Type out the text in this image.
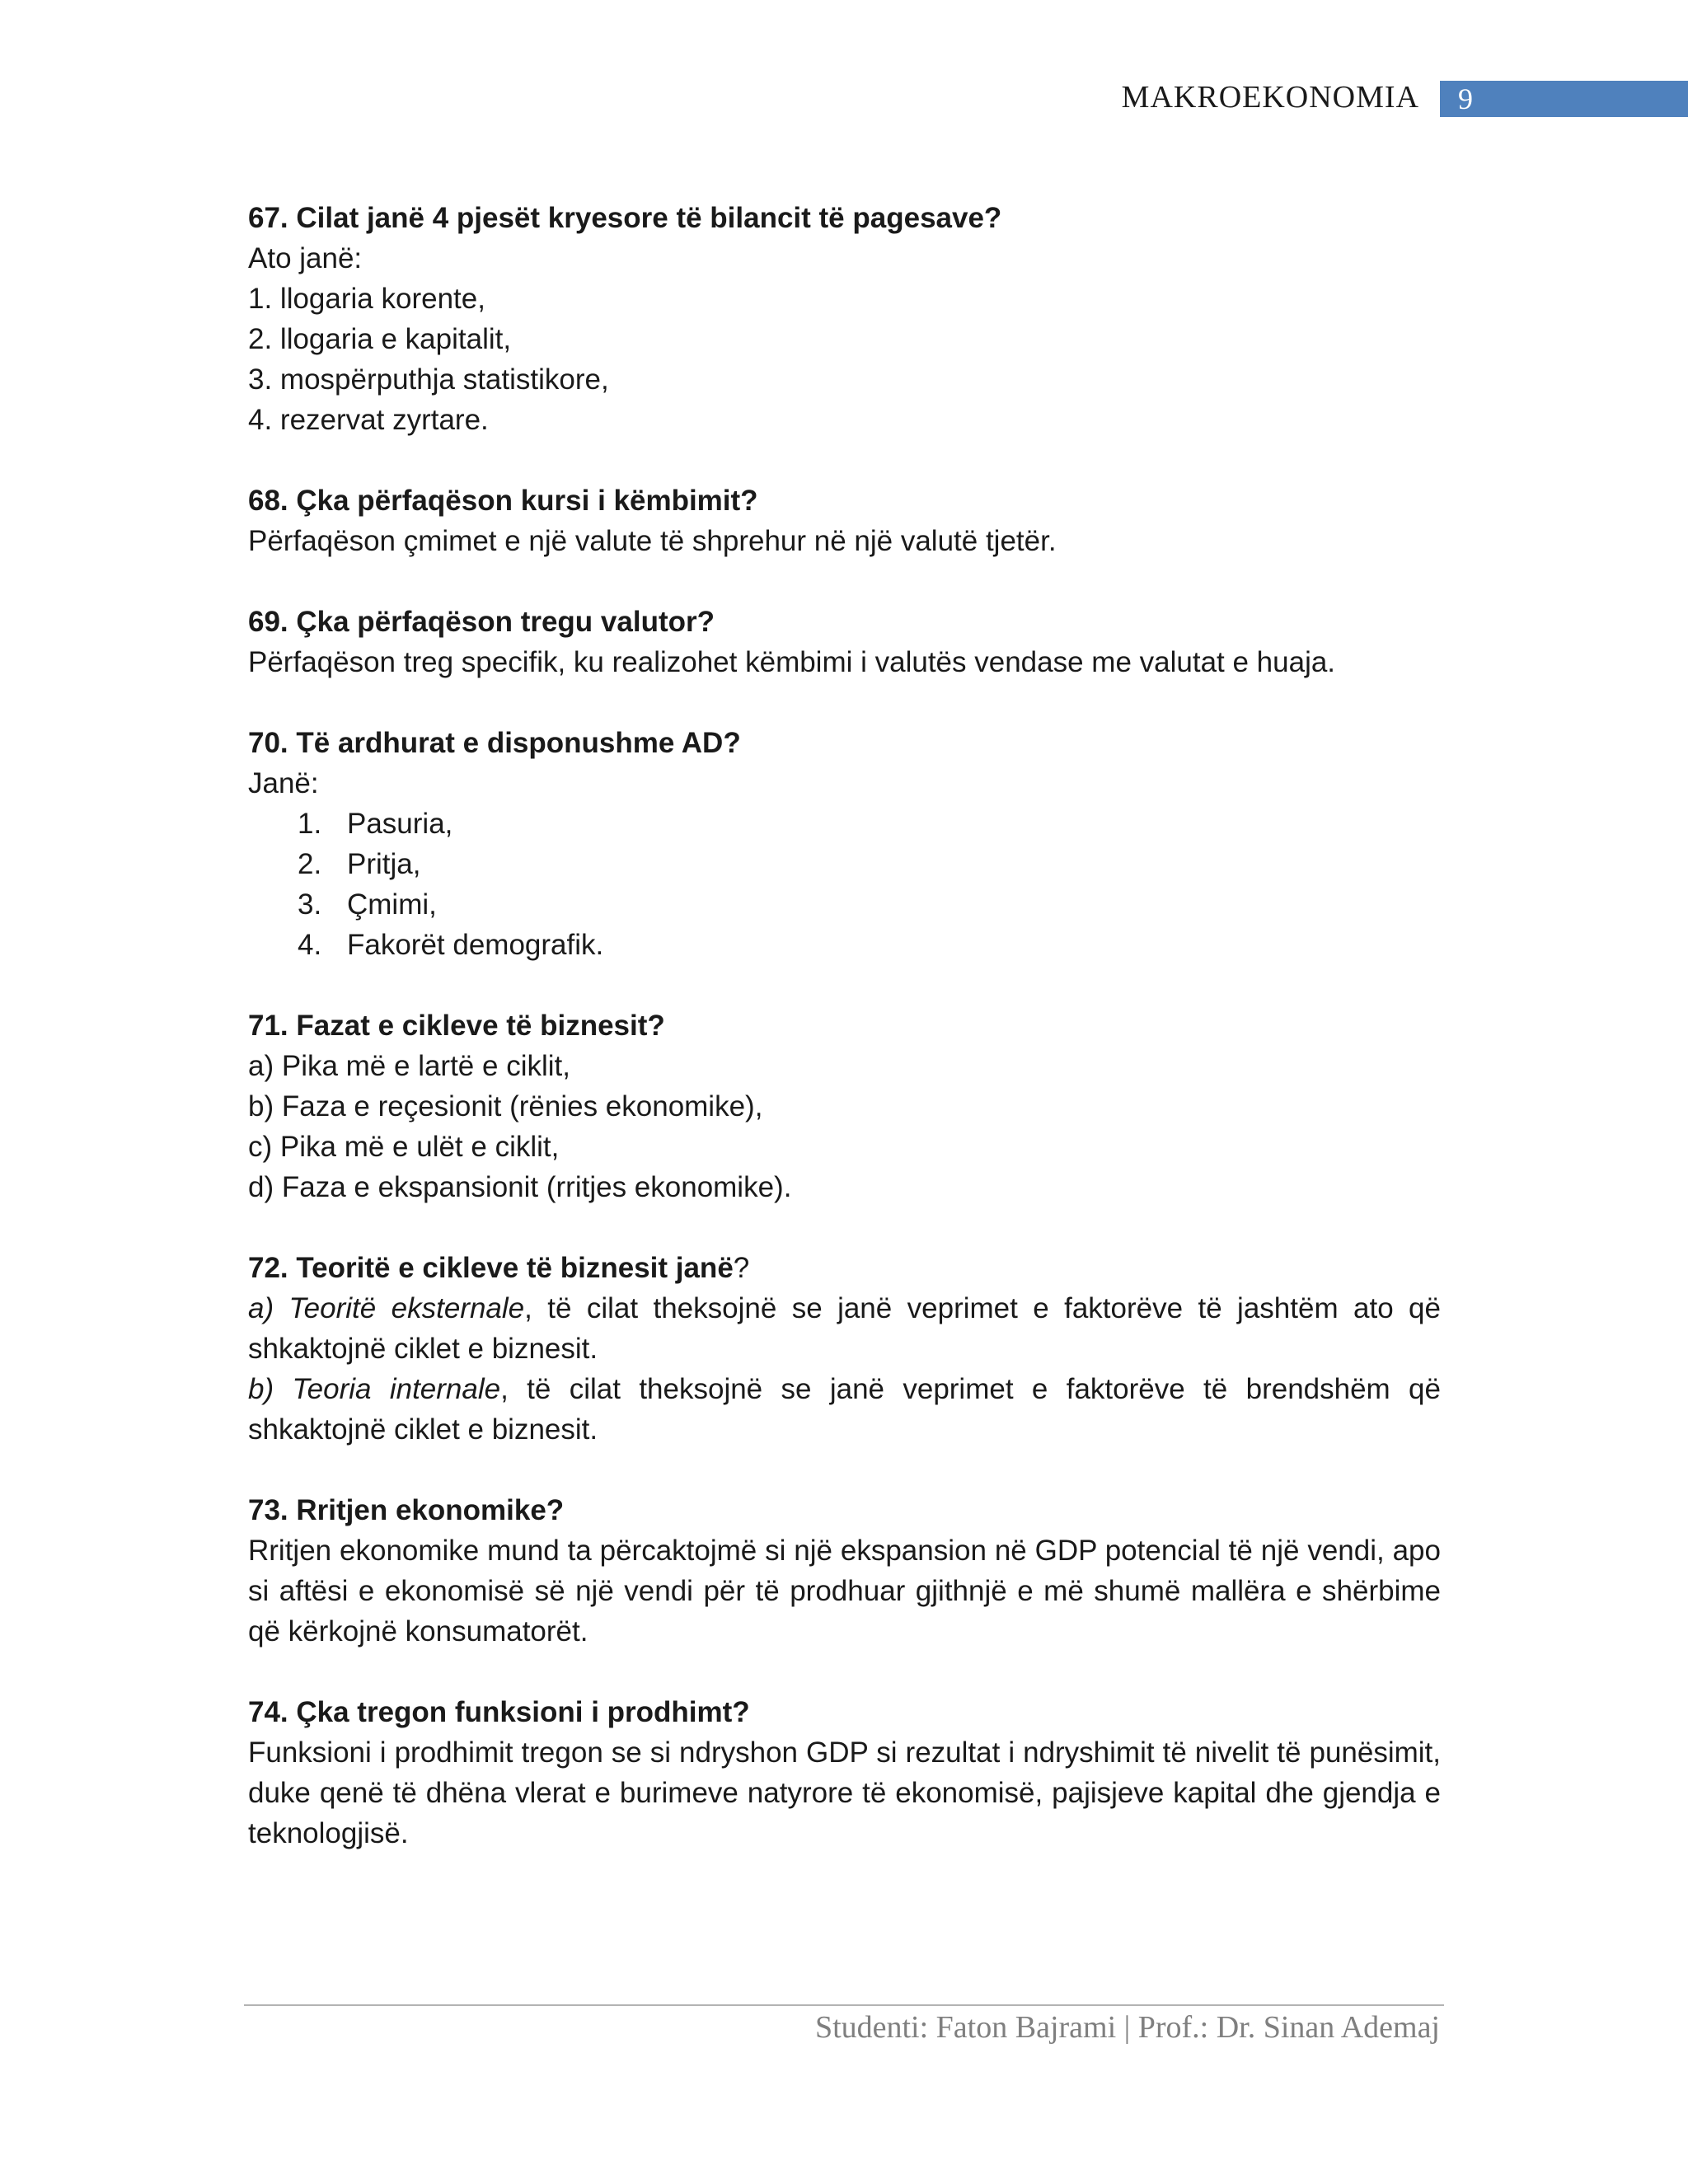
MAKROEKONOMIA 9

67. Cilat janë 4 pjesët kryesore të bilancit të pagesave?

Ato janë:

1. llogaria korente,

2. llogaria e kapitalit,

3. mospërputhja statistikore,

4. rezervat zyrtare.

68. Çka përfaqëson kursi i këmbimit?

Përfaqëson çmimet e një valute të shprehur në një valutë tjetër.

69. Çka përfaqëson tregu valutor?

Përfaqëson treg specifik, ku realizohet këmbimi i valutës vendase me valutat e huaja.

70. Të ardhurat e disponushme AD?

Janë:

1. Pasuria,
2. Pritja,
3. Çmimi,
4. Fakorët demografik.

71. Fazat e cikleve të biznesit?

a) Pika më e lartë e ciklit,

b) Faza e reçesionit (rënies ekonomike),

c) Pika më e ulët e ciklit,

d) Faza e ekspansionit (rritjes ekonomike).

72. Teoritë e cikleve të biznesit janë?

a) Teoritë eksternale, të cilat theksojnë se janë veprimet e faktorëve të jashtëm ato që shkaktojnë ciklet e biznesit.

b) Teoria internale, të cilat theksojnë se janë veprimet e faktorëve të brendshëm që shkaktojnë ciklet e biznesit.

73. Rritjen ekonomike?

Rritjen ekonomike mund ta përcaktojmë si një ekspansion në GDP potencial të një vendi, apo si aftësi e ekonomisë së një vendi për të prodhuar gjithnjë e më shumë mallëra e shërbime që kërkojnë konsumatorët.

74. Çka tregon funksioni i prodhimt?

Funksioni i prodhimit tregon se si ndryshon GDP si rezultat i ndryshimit të nivelit të punësimit, duke qenë të dhëna vlerat e burimeve natyrore të ekonomisë, pajisjeve kapital dhe gjendja e teknologjisë.

Studenti: Faton Bajrami | Prof.: Dr. Sinan Ademaj
